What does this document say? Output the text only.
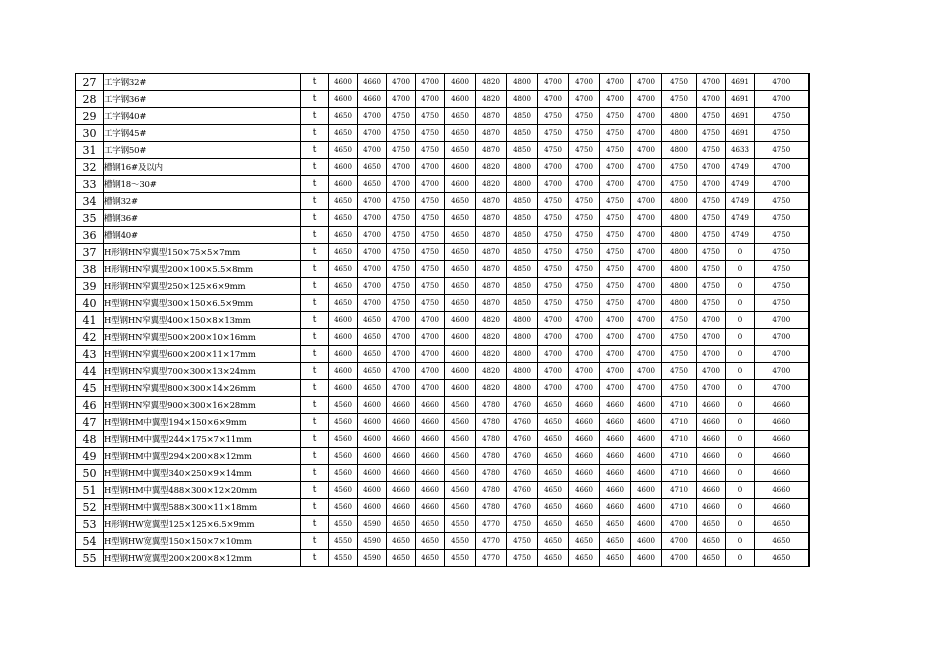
27	工字钢32#	t	4600	4660	4700	4700	4600	4820	4800	4700	4700	4700	4700	4750	4700	4691	4700
28	工字钢36#	t	4600	4660	4700	4700	4600	4820	4800	4700	4700	4700	4700	4750	4700	4691	4700
29	工字钢40#	t	4650	4700	4750	4750	4650	4870	4850	4750	4750	4750	4700	4800	4750	4691	4750
30	工字钢45#	t	4650	4700	4750	4750	4650	4870	4850	4750	4750	4750	4700	4800	4750	4691	4750
31	工字钢50#	t	4650	4700	4750	4750	4650	4870	4850	4750	4750	4750	4700	4800	4750	4633	4750
32	槽钢16#及以内	t	4600	4650	4700	4700	4600	4820	4800	4700	4700	4700	4700	4750	4700	4749	4700
33	槽钢18～30#	t	4600	4650	4700	4700	4600	4820	4800	4700	4700	4700	4700	4750	4700	4749	4700
34	槽钢32#	t	4650	4700	4750	4750	4650	4870	4850	4750	4750	4750	4700	4800	4750	4749	4750
35	槽钢36#	t	4650	4700	4750	4750	4650	4870	4850	4750	4750	4750	4700	4800	4750	4749	4750
36	槽钢40#	t	4650	4700	4750	4750	4650	4870	4850	4750	4750	4750	4700	4800	4750	4749	4750
37	H形钢HN窄翼型150×75×5×7mm	t	4650	4700	4750	4750	4650	4870	4850	4750	4750	4750	4700	4800	4750	0	4750
38	H形钢HN窄翼型200×100×5.5×8mm	t	4650	4700	4750	4750	4650	4870	4850	4750	4750	4750	4700	4800	4750	0	4750
39	H形钢HN窄翼型250×125×6×9mm	t	4650	4700	4750	4750	4650	4870	4850	4750	4750	4750	4700	4800	4750	0	4750
40	H型钢HN窄翼型300×150×6.5×9mm	t	4650	4700	4750	4750	4650	4870	4850	4750	4750	4750	4700	4800	4750	0	4750
41	H型钢HN窄翼型400×150×8×13mm	t	4600	4650	4700	4700	4600	4820	4800	4700	4700	4700	4700	4750	4700	0	4700
42	H型钢HN窄翼型500×200×10×16mm	t	4600	4650	4700	4700	4600	4820	4800	4700	4700	4700	4700	4750	4700	0	4700
43	H型钢HN窄翼型600×200×11×17mm	t	4600	4650	4700	4700	4600	4820	4800	4700	4700	4700	4700	4750	4700	0	4700
44	H型钢HN窄翼型700×300×13×24mm	t	4600	4650	4700	4700	4600	4820	4800	4700	4700	4700	4700	4750	4700	0	4700
45	H型钢HN窄翼型800×300×14×26mm	t	4600	4650	4700	4700	4600	4820	4800	4700	4700	4700	4700	4750	4700	0	4700
46	H型钢HN窄翼型900×300×16×28mm	t	4560	4600	4660	4660	4560	4780	4760	4650	4660	4660	4600	4710	4660	0	4660
47	H型钢HM中翼型194×150×6×9mm	t	4560	4600	4660	4660	4560	4780	4760	4650	4660	4660	4600	4710	4660	0	4660
48	H型钢HM中翼型244×175×7×11mm	t	4560	4600	4660	4660	4560	4780	4760	4650	4660	4660	4600	4710	4660	0	4660
49	H型钢HM中翼型294×200×8×12mm	t	4560	4600	4660	4660	4560	4780	4760	4650	4660	4660	4600	4710	4660	0	4660
50	H型钢HM中翼型340×250×9×14mm	t	4560	4600	4660	4660	4560	4780	4760	4650	4660	4660	4600	4710	4660	0	4660
51	H型钢HM中翼型488×300×12×20mm	t	4560	4600	4660	4660	4560	4780	4760	4650	4660	4660	4600	4710	4660	0	4660
52	H型钢HM中翼型588×300×11×18mm	t	4560	4600	4660	4660	4560	4780	4760	4650	4660	4660	4600	4710	4660	0	4660
53	H形钢HW宽翼型125×125×6.5×9mm	t	4550	4590	4650	4650	4550	4770	4750	4650	4650	4650	4600	4700	4650	0	4650
54	H型钢HW宽翼型150×150×7×10mm	t	4550	4590	4650	4650	4550	4770	4750	4650	4650	4650	4600	4700	4650	0	4650
55	H型钢HW宽翼型200×200×8×12mm	t	4550	4590	4650	4650	4550	4770	4750	4650	4650	4650	4600	4700	4650	0	4650
